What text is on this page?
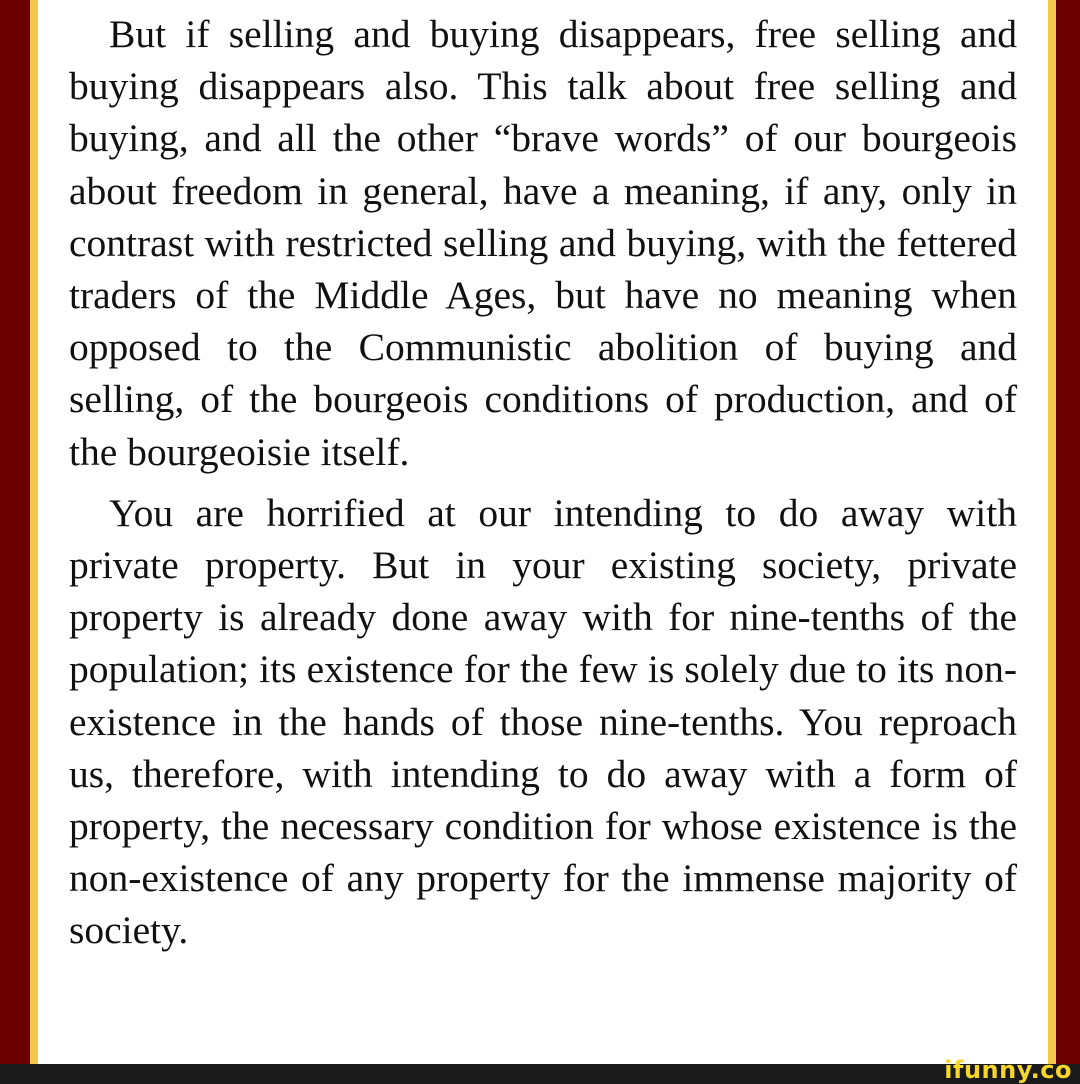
But if selling and buying disappears, free selling and buying disappears also. This talk about free selling and buying, and all the other “brave words” of our bourgeois about freedom in general, have a meaning, if any, only in contrast with restricted selling and buying, with the fettered traders of the Middle Ages, but have no meaning when opposed to the Communistic abolition of buying and selling, of the bourgeois conditions of production, and of the bourgeoisie itself.

You are horrified at our intending to do away with private property. But in your existing society, private property is already done away with for nine-tenths of the population; its existence for the few is solely due to its non-existence in the hands of those nine-tenths. You reproach us, therefore, with intending to do away with a form of property, the necessary condition for whose existence is the non-existence of any property for the immense majority of society.

ifunny.co
